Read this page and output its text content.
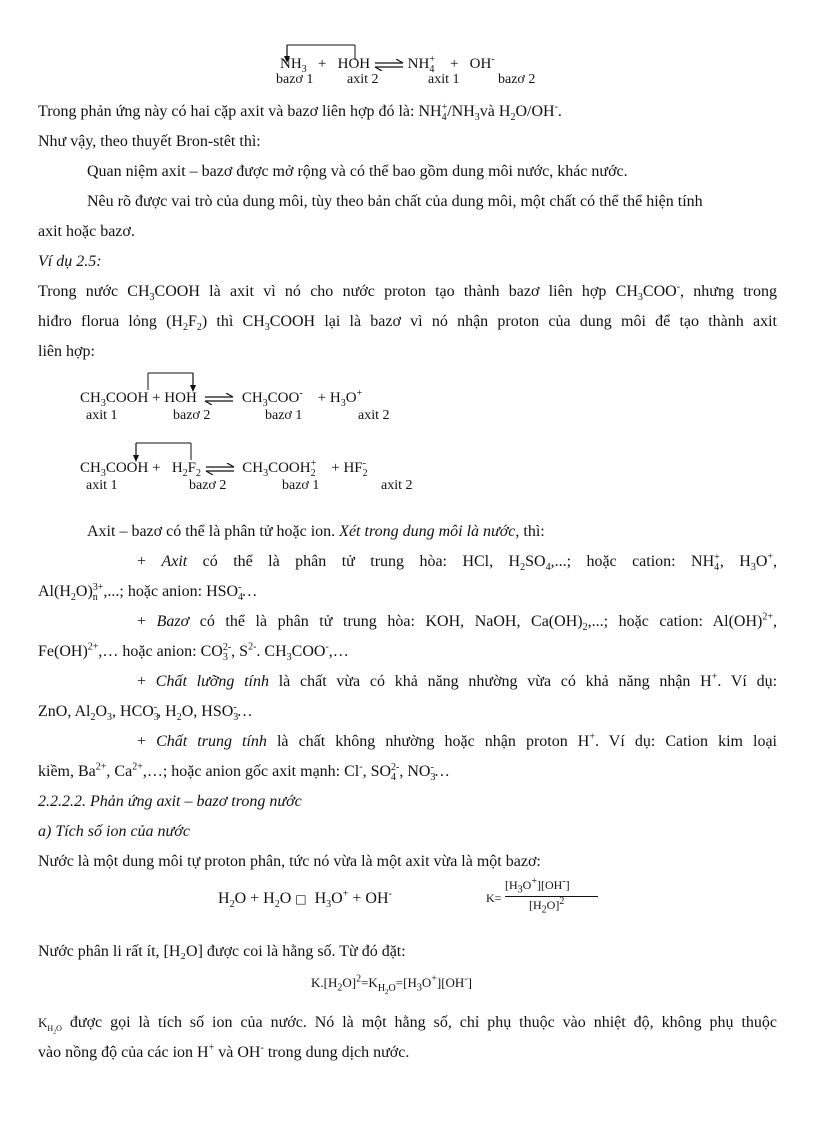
$NH_3$ + HOH ⇌ $NH_4^+ + OH^-$
bazơ 1 axit 2	axit 1	bazơ 2
Trong phản ứng này có hai cặp axit và bazơ liên hợp đó là: $NH_4^+/NH_3và$ $H_2O/OH^-$.
Như vậy, theo thuyết Bron-stêt thì:
Quan niệm axit – bazơ được mở rộng và có thể bao gồm dung môi nước, khác nước.
Nêu rõ được vai trò của dung môi, tùy theo bản chất của dung môi, một chất có thể thể hiện tính
axit hoặc bazơ.
Ví dụ 2.5:
Trong nước $CH_3COOH$ là axit vì nó cho nước proton tạo thành bazơ liên hợp $CH_3COO^-$, nhưng trong
hiđro florua lỏng $(H_2F_2)$ thì $CH_3COOH$ lại là bazơ vì nó nhận proton của dung môi để tạo thành axit
liên hợp:
$CH_3COOH$ + HOH ⇌ $CH_3COO^- + H_3O^+$
axit 1	bazơ 2	bazơ 1	axit 2
$CH_3COOH + H_2F_2$ ⇌ $CH_3COOH_2^+ + HF_2^-$
axit 1	bazơ 2	bazơ 1	axit 2
Axit – bazơ có thể là phân tử hoặc ion. Xét trong dung môi là nước, thì:
+ Axit có thể là phân tử trung hòa: HCl, $H_2SO_4$,...; hoặc cation: $NH_4^+$, $H_3O^+$,
$Al(H_2O)_n^{3+}$,...; hoặc anion: $HSO_4^-\dots$
+ Bazơ có thể là phân tử trung hòa: KOH, NaOH, $Ca(OH)_2$,...; hoặc cation: Al(OH)$^{2+}$,
Fe(OH)$^{2+}$,… hoặc anion: $CO_3^{2-}$, $S^{2-}$. $CH_3COO^-,\dots$
+ Chất lưỡng tính là chất vừa có khả năng nhường vừa có khả năng nhận H+. Ví dụ:
ZnO, $Al_2O_3$, $HCO_3^-$, $H_2O$, $HSO_3^-\dots$
+ Chất trung tính là chất không nhường hoặc nhận proton H+. Ví dụ: Cation kim loại
kiềm, $Ba^{2+}$, $Ca^{2+},\dots$; hoặc anion gốc axit mạnh: Cl-, $SO_4^{2-}$, $NO_3^-\dots$
2.2.2.2. Phản ứng axit – bazơ trong nước
a) Tích số ion của nước
Nước là một dung môi tự proton phân, tức nó vừa là một axit vừa là một bazơ:
$H_2O + H_2O$ □ $H_3O^+ + OH^-$	K=
$[H_3O^+][OH^-]$
$[H_2O]^2$
Nước phân li rất ít, [H₂O] được coi là hằng số. Từ đó đặt:
$K.[H_2O]^2=K_{H_2O}=[H_3O^+][OH^-]$
$K_{H_2O}$ được gọi là tích số ion của nước. Nó là một hằng số, chỉ phụ thuộc vào nhiệt độ, không phụ thuộc
vào nồng độ của các ion H+ và OH- trong dung dịch nước.
